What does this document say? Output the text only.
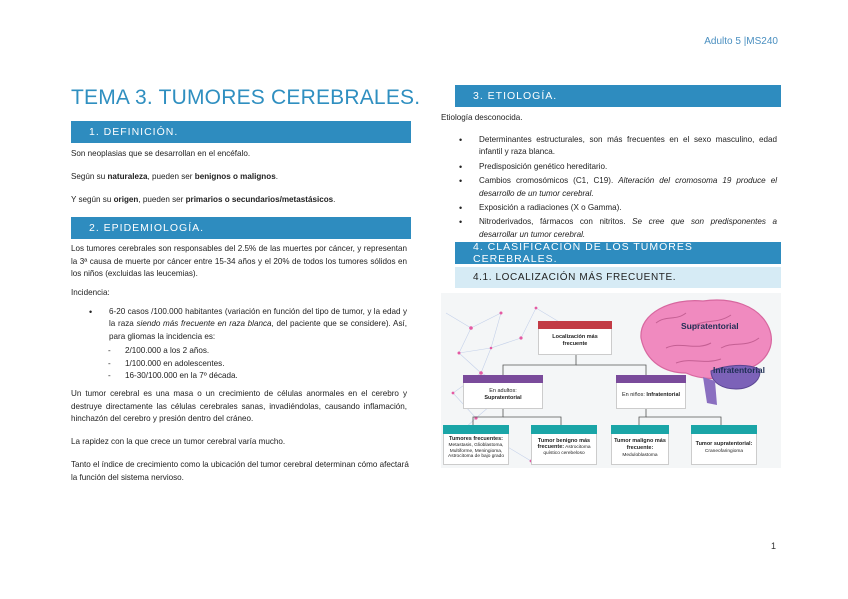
Adulto 5 |MS240
TEMA 3. TUMORES CEREBRALES.
1. DEFINICIÓN.
Son neoplasias que se desarrollan en el encéfalo.
Según su naturaleza, pueden ser benignos o malignos.
Y según su origen, pueden ser primarios o secundarios/metastásicos.
2. EPIDEMIOLOGÍA.
Los tumores cerebrales son responsables del 2.5% de las muertes por cáncer, y representan la 3ª causa de muerte por cáncer entre 15-34 años y el 20% de todos los tumores sólidos en los niños (excluidas las leucemias).
Incidencia:
• 6-20 casos /100.000 habitantes (variación en función del tipo de tumor, y la edad y la raza siendo más frecuente en raza blanca, del paciente que se considere). Así, para gliomas la incidencia es:
- 2/100.000 a los 2 años.
- 1/100.000 en adolescentes.
- 16-30/100.000 en la 7º década.
Un tumor cerebral es una masa o un crecimiento de células anormales en el cerebro y destruye directamente las células cerebrales sanas, invadiéndolas, causando inflamación, hinchazón del cerebro y presión dentro del cráneo.
La rapidez con la que crece un tumor cerebral varía mucho.
Tanto el índice de crecimiento como la ubicación del tumor cerebral determinan cómo afectará la función del sistema nervioso.
3. ETIOLOGÍA.
Etiología desconocida.
• Determinantes estructurales, son más frecuentes en el sexo masculino, edad infantil y raza blanca.
• Predisposición genético hereditario.
• Cambios cromosómicos (C1, C19). Alteración del cromosoma 19 produce el desarrollo de un tumor cerebral.
• Exposición a radiaciones (X o Gamma).
• Nitroderivados, fármacos con nitritos. Se cree que son predisponentes a desarrollar un tumor cerebral.
4. CLASIFICACIÓN DE LOS TUMORES CEREBRALES.
4.1. LOCALIZACIÓN MÁS FRECUENTE.
Supratentorial
Infratentorial
Localización más frecuente
En adultos:
Supratentorial
En niños: Infratentorial
Tumores frecuentes:
Metastasis, Glioblastoma, Multiforme, Meningioma, Astrocitoma de bajo grado
Tumor benigno más frecuente: Astrocitoma quístico cerebeloso
Tumor maligno más frecuente:
Meduloblastoma
Tumor supratentorial:
Craneofaringioma
1
